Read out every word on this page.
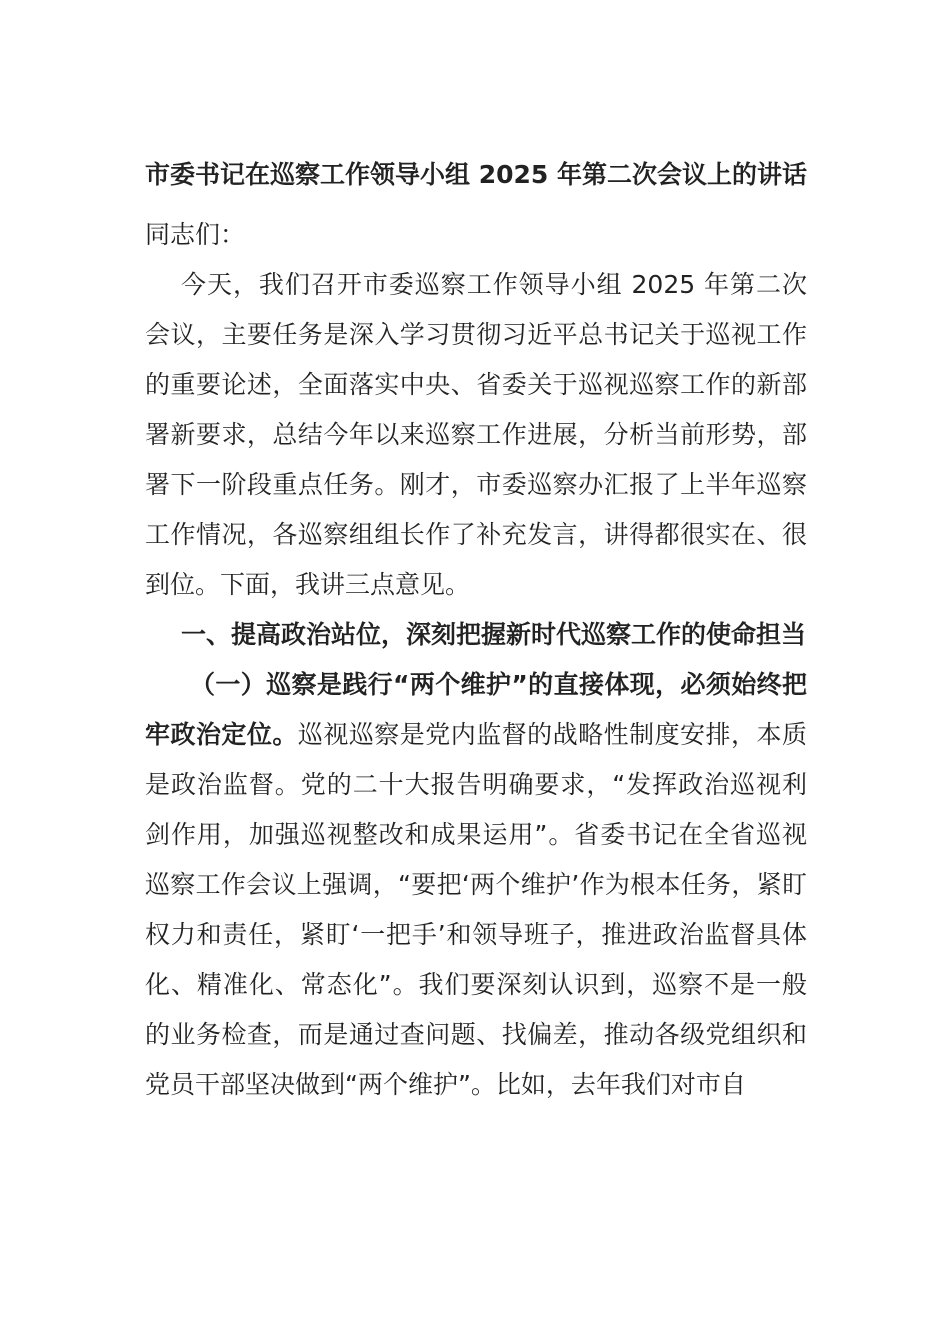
市委书记在巡察工作领导小组 2025 年第二次会议上的讲话

同志们：

今天，我们召开市委巡察工作领导小组 2025 年第二次会议，主要任务是深入学习贯彻习近平总书记关于巡视工作的重要论述，全面落实中央、省委关于巡视巡察工作的新部署新要求，总结今年以来巡察工作进展，分析当前形势，部署下一阶段重点任务。刚才，市委巡察办汇报了上半年巡察工作情况，各巡察组组长作了补充发言，讲得都很实在、很到位。下面，我讲三点意见。

一、提高政治站位，深刻把握新时代巡察工作的使命担当

（一）巡察是践行“两个维护”的直接体现，必须始终把牢政治定位。巡视巡察是党内监督的战略性制度安排，本质是政治监督。党的二十大报告明确要求，“发挥政治巡视利剑作用，加强巡视整改和成果运用”。省委书记在全省巡视巡察工作会议上强调，“要把‘两个维护’作为根本任务，紧盯权力和责任，紧盯‘一把手’和领导班子，推进政治监督具体化、精准化、常态化”。我们要深刻认识到，巡察不是一般的业务检查，而是通过查问题、找偏差，推动各级党组织和党员干部坚决做到“两个维护”。比如，去年我们对市自
